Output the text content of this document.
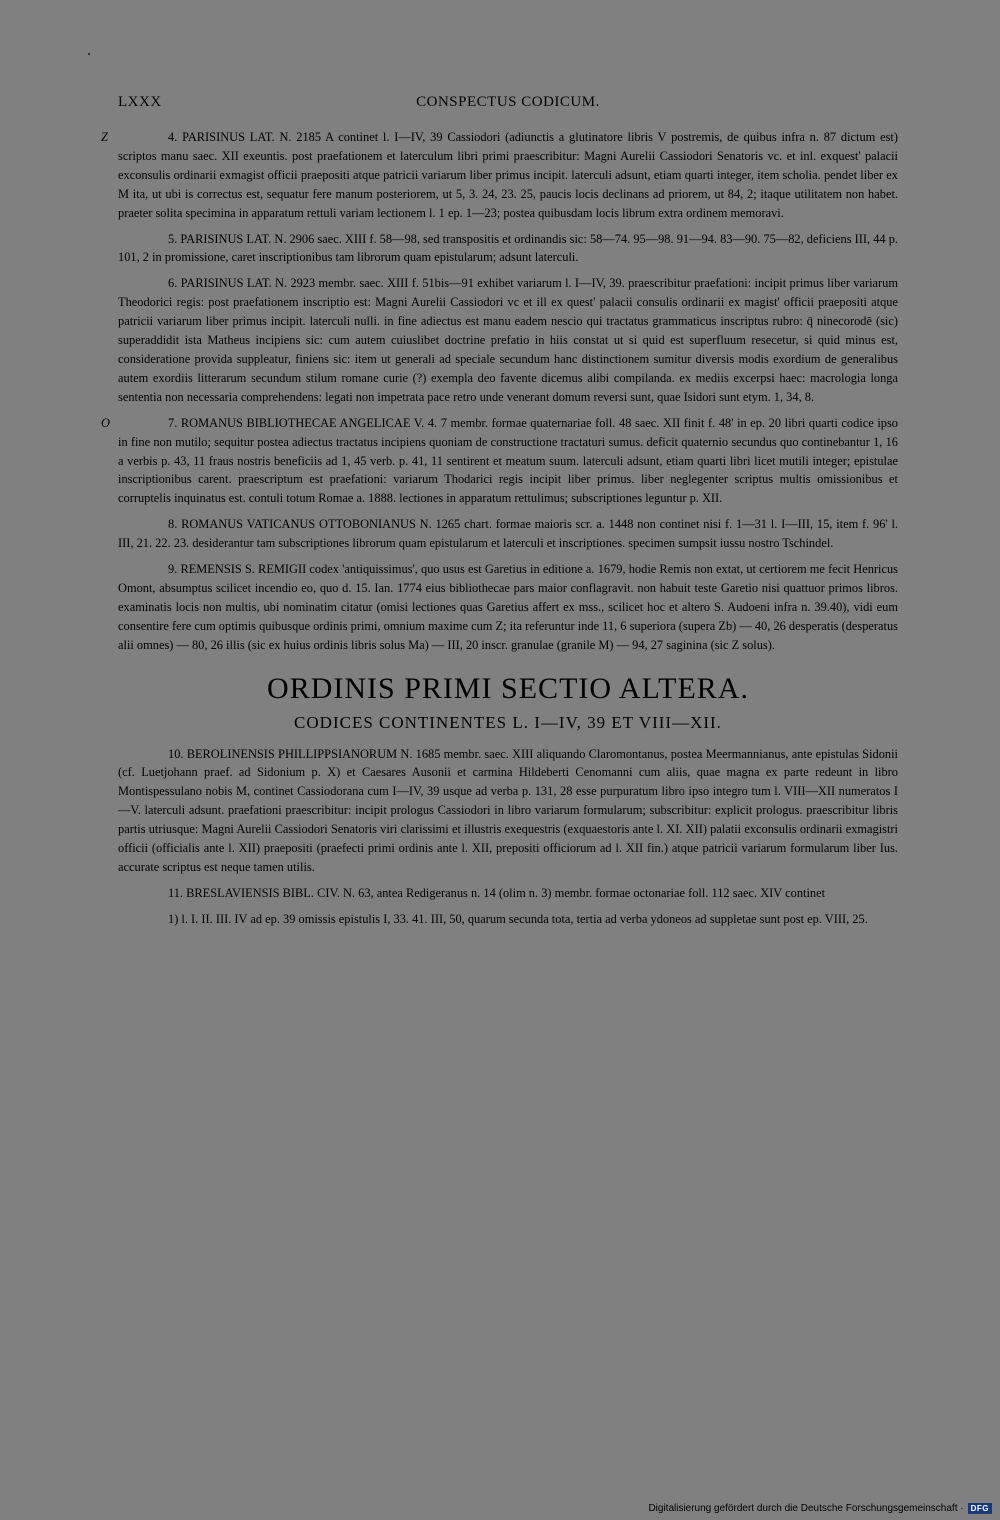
LXXX	CONSPECTUS CODICUM.
Z	4. PARISINUS LAT. N. 2185 A continet l. I—IV, 39 Cassiodori (adiunctis a glutinatore libris V postremis, de quibus infra n. 87 dictum est) scriptos manu saec. XII exeuntis. post praefationem et laterculum libri primi praescribitur: Magni Aurelii Cassiodori Senatoris vc. et inl. exquest' palacii exconsulis ordinarii exmagist officii praepositi atque patricii variarum liber primus incipit. laterculi adsunt, etiam quarti integer, item scholia. pendet liber ex M ita, ut ubi is correctus est, sequatur fere manum posteriorem, ut 5, 3. 24, 23. 25, paucis locis declinans ad priorem, ut 84, 2; itaque utilitatem non habet. praeter solita specimina in apparatum rettuli variam lectionem l. 1 ep. 1—23; postea quibusdam locis librum extra ordinem memoravi.

5. PARISINUS LAT. N. 2906 saec. XIII f. 58—98, sed transpositis et ordinandis sic: 58—74. 95—98. 91—94. 83—90. 75—82, deficiens III, 44 p. 101, 2 in promissione, caret inscriptionibus tam librorum quam epistularum; adsunt laterculi.

6. PARISINUS LAT. N. 2923 membr. saec. XIII f. 51bis—91 exhibet variarum l. I—IV, 39. praescribitur praefationi: incipit primus liber variarum Theodorici regis: post praefationem inscriptio est: Magni Aurelii Cassiodori vc et ill ex quest' palacii consulis ordinarii ex magist' officii praepositi atque patricii variarum liber primus incipit. laterculi nulli. in fine adiectus est manu eadem nescio qui tractatus grammaticus inscriptus rubro: q̄ ninecorodē (sic) superaddidit ista Matheus incipiens sic: cum autem cuiuslibet doctrine prefatio in hiis constat ut si quid est superfluum resecetur, si quid minus est, consideratione provida suppleatur, finiens sic: item ut generali ad speciale secundum hanc distinctionem sumitur diversis modis exordium de generalibus autem exordiis litterarum secundum stilum romane curie (?) exempla deo favente dicemus alibi compilanda. ex mediis excerpsi haec: macrologia longa sententia non necessaria comprehendens: legati non impetrata pace retro unde venerant domum reversi sunt, quae Isidori sunt etym. 1, 34, 8.

O	7. ROMANUS BIBLIOTHECAE ANGELICAE V. 4. 7 membr. formae quaternariae foll. 48 saec. XII finit f. 48' in ep. 20 libri quarti codice ipso in fine non mutilo; sequitur postea adiectus tractatus incipiens quoniam de constructione tractaturi sumus. deficit quaternio secundus quo continebantur 1, 16 a verbis p. 43, 11 fraus nostris beneficiis ad 1, 45 verb. p. 41, 11 sentirent et meatum suum. laterculi adsunt, etiam quarti libri licet mutili integer; epistulae inscriptionibus carent. praescriptum est praefationi: variarum Thodarici regis incipit liber primus. liber neglegenter scriptus multis omissionibus et corruptelis inquinatus est. contuli totum Romae a. 1888. lectiones in apparatum rettulimus; subscriptiones leguntur p. XII.

8. ROMANUS VATICANUS OTTOBONIANUS N. 1265 chart. formae maioris scr. a. 1448 non continet nisi f. 1—31 l. I—III, 15, item f. 96' l. III, 21. 22. 23. desiderantur tam subscriptiones librorum quam epistularum et laterculi et inscriptiones. specimen sumpsit iussu nostro Tschindel.

9. REMENSIS S. REMIGII codex 'antiquissimus', quo usus est Garetius in editione a. 1679, hodie Remis non extat, ut certiorem me fecit Henricus Omont, absumptus scilicet incendio eo, quo d. 15. Ian. 1774 eius bibliothecae pars maior conflagravit. non habuit teste Garetio nisi quattuor primos libros. examinatis locis non multis, ubi nominatim citatur (omisi lectiones quas Garetius affert ex mss., scilicet hoc et altero S. Audoeni infra n. 39.40), vidi eum consentire fere cum optimis quibusque ordinis primi, omnium maxime cum Z; ita referuntur inde 11, 6 superiora (supera Zb) — 40, 26 desperatis (desperatus alii omnes) — 80, 26 illis (sic ex huius ordinis libris solus Ma) — III, 20 inscr. granulae (granile M) — 94, 27 saginina (sic Z solus).

ORDINIS PRIMI SECTIO ALTERA.
CODICES CONTINENTES L. I—IV, 39 ET VIII—XII.

10. BEROLINENSIS PHILLIPPSIANORUM N. 1685 membr. saec. XIII aliquando Claromontanus, postea Meermannianus, ante epistulas Sidonii (cf. Luetjohann praef. ad Sidonium p. X) et Caesares Ausonii et carmina Hildeberti Cenomanni cum aliis, quae magna ex parte redeunt in libro Montispessulano nobis M, continet Cassiodorana cum I—IV, 39 usque ad verba p. 131, 28 esse purpuratum libro ipso integro tum l. VIII—XII numeratos I—V. laterculi adsunt. praefationi praescribitur: incipit prologus Cassiodori in libro variarum formularum; subscribitur: explicit prologus. praescribitur libris partis utriusque: Magni Aurelii Cassiodori Senatoris viri clarissimi et illustris exequestris (exquaestoris ante l. XI. XII) palatii exconsulis ordinarii exmagistri officii (officialis ante l. XII) praepositi (praefecti primi ordinis ante l. XII, prepositi officiorum ad l. XII fin.) atque patricii variarum formularum liber Ius. accurate scriptus est neque tamen utilis.

11. BRESLAVIENSIS BIBL. CIV. N. 63, antea Redigeranus n. 14 (olim n. 3) membr. formae octonariae foll. 112 saec. XIV continet

1) l. I. II. III. IV ad ep. 39 omissis epistulis I, 33. 41. III, 50, quarum secunda tota, tertia ad verba ydoneos ad suppletae sunt post ep. VIII, 25.

Digitalisierung gefördert durch die Deutsche Forschungsgemeinschaft · DFG
